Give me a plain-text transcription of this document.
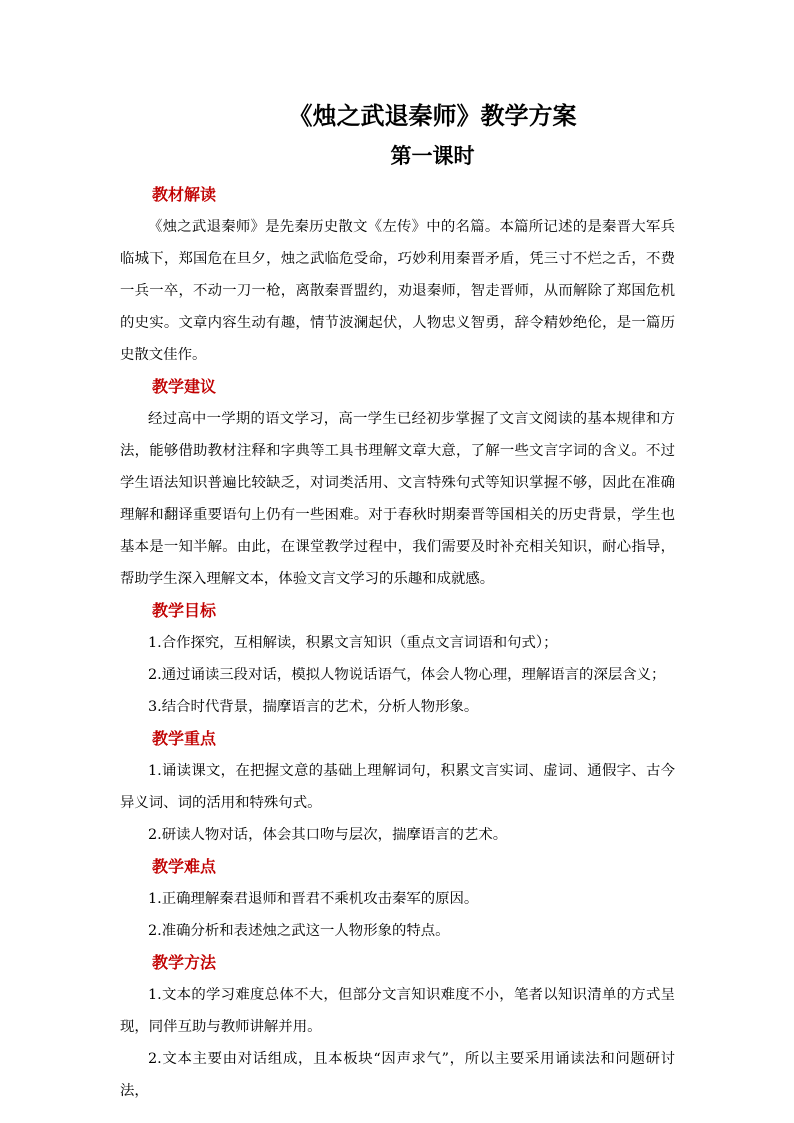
《烛之武退秦师》教学方案
第一课时
教材解读

《烛之武退秦师》是先秦历史散文《左传》中的名篇。本篇所记述的是秦晋大军兵临城下，郑国危在旦夕，烛之武临危受命，巧妙利用秦晋矛盾，凭三寸不烂之舌，不费一兵一卒，不动一刀一枪，离散秦晋盟约，劝退秦师，智走晋师，从而解除了郑国危机的史实。文章内容生动有趣，情节波澜起伏，人物忠义智勇，辞令精妙绝伦，是一篇历史散文佳作。

教学建议

经过高中一学期的语文学习，高一学生已经初步掌握了文言文阅读的基本规律和方法，能够借助教材注释和字典等工具书理解文章大意，了解一些文言字词的含义。不过学生语法知识普遍比较缺乏，对词类活用、文言特殊句式等知识掌握不够，因此在准确理解和翻译重要语句上仍有一些困难。对于春秋时期秦晋等国相关的历史背景，学生也基本是一知半解。由此，在课堂教学过程中，我们需要及时补充相关知识，耐心指导，帮助学生深入理解文本，体验文言文学习的乐趣和成就感。

教学目标

1.合作探究，互相解读，积累文言知识（重点文言词语和句式）；

2.通过诵读三段对话，模拟人物说话语气，体会人物心理，理解语言的深层含义；

3.结合时代背景，揣摩语言的艺术，分析人物形象。

教学重点

1.诵读课文，在把握文意的基础上理解词句，积累文言实词、虚词、通假字、古今异义词、词的活用和特殊句式。

2.研读人物对话，体会其口吻与层次，揣摩语言的艺术。

教学难点

1.正确理解秦君退师和晋君不乘机攻击秦军的原因。

2.准确分析和表述烛之武这一人物形象的特点。

教学方法

1.文本的学习难度总体不大，但部分文言知识难度不小，笔者以知识清单的方式呈现，同伴互助与教师讲解并用。

2.文本主要由对话组成，且本板块“因声求气”，所以主要采用诵读法和问题研讨法，
